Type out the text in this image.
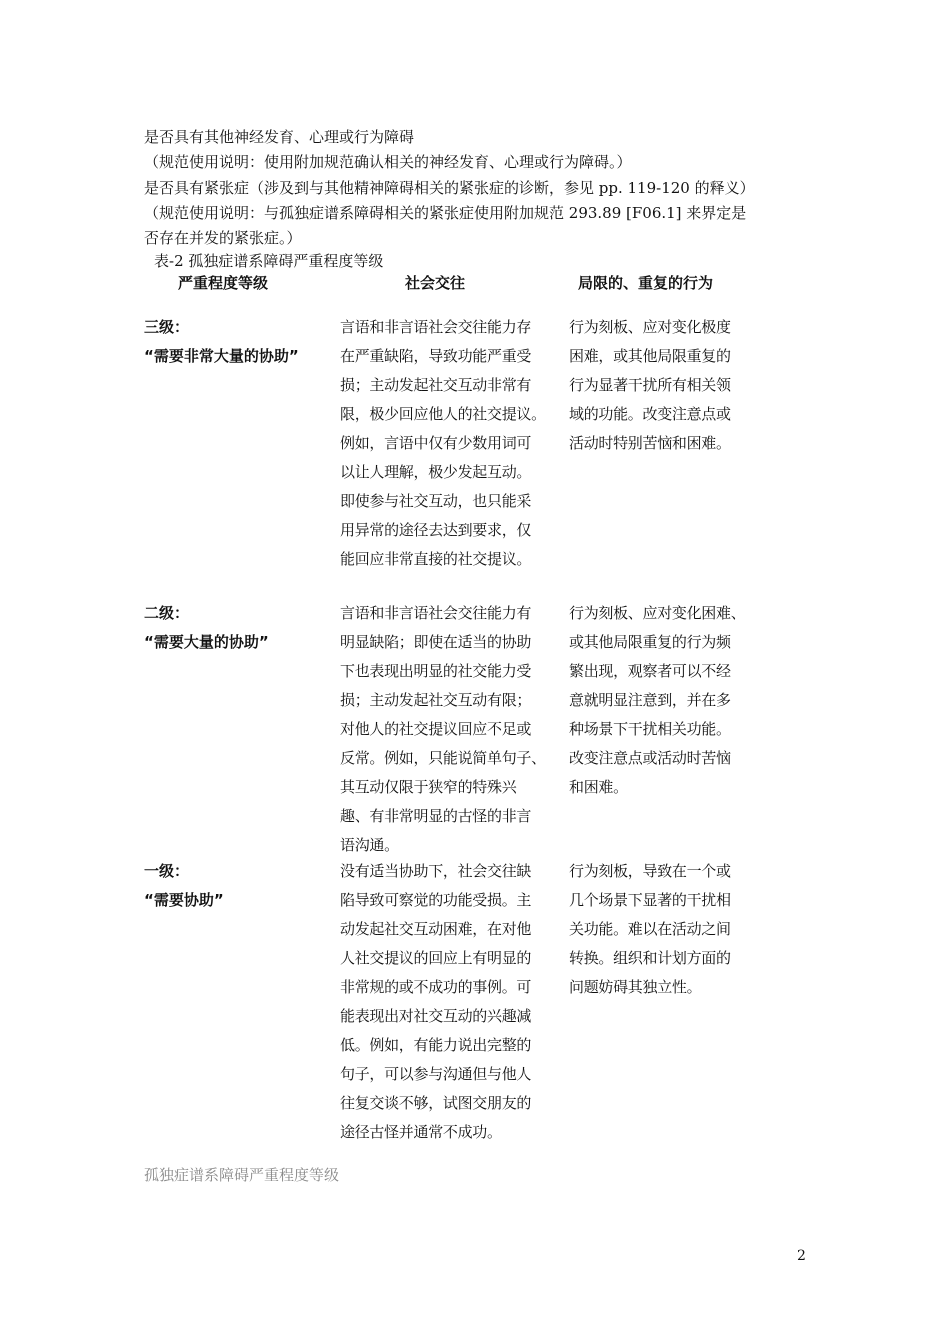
是否具有其他神经发育、心理或行为障碍
（规范使用说明：使用附加规范确认相关的神经发育、心理或行为障碍。）
是否具有紧张症（涉及到与其他精神障碍相关的紧张症的诊断，参见 pp. 119-120 的释义）
（规范使用说明：与孤独症谱系障碍相关的紧张症使用附加规范 293.89 [F06.1] 来界定是
否存在并发的紧张症。）
表-2 孤独症谱系障碍严重程度等级
严重程度等级	社会交往	局限的、重复的行为
三级：
“需要非常大量的协助”
言语和非言语社会交往能力存
在严重缺陷，导致功能严重受
损；主动发起社交互动非常有
限，极少回应他人的社交提议。
例如，言语中仅有少数用词可
以让人理解，极少发起互动。
即使参与社交互动，也只能采
用异常的途径去达到要求，仅
能回应非常直接的社交提议。
行为刻板、应对变化极度
困难，或其他局限重复的
行为显著干扰所有相关领
域的功能。改变注意点或
活动时特别苦恼和困难。
二级：
“需要大量的协助”
言语和非言语社会交往能力有
明显缺陷；即使在适当的协助
下也表现出明显的社交能力受
损；主动发起社交互动有限；
对他人的社交提议回应不足或
反常。例如，只能说简单句子、
其互动仅限于狭窄的特殊兴
趣、有非常明显的古怪的非言
语沟通。
行为刻板、应对变化困难、
或其他局限重复的行为频
繁出现，观察者可以不经
意就明显注意到，并在多
种场景下干扰相关功能。
改变注意点或活动时苦恼
和困难。
一级：
“需要协助”
没有适当协助下，社会交往缺
陷导致可察觉的功能受损。主
动发起社交互动困难，在对他
人社交提议的回应上有明显的
非常规的或不成功的事例。可
能表现出对社交互动的兴趣减
低。例如，有能力说出完整的
句子，可以参与沟通但与他人
往复交谈不够，试图交朋友的
途径古怪并通常不成功。
行为刻板，导致在一个或
几个场景下显著的干扰相
关功能。难以在活动之间
转换。组织和计划方面的
问题妨碍其独立性。
孤独症谱系障碍严重程度等级
2
